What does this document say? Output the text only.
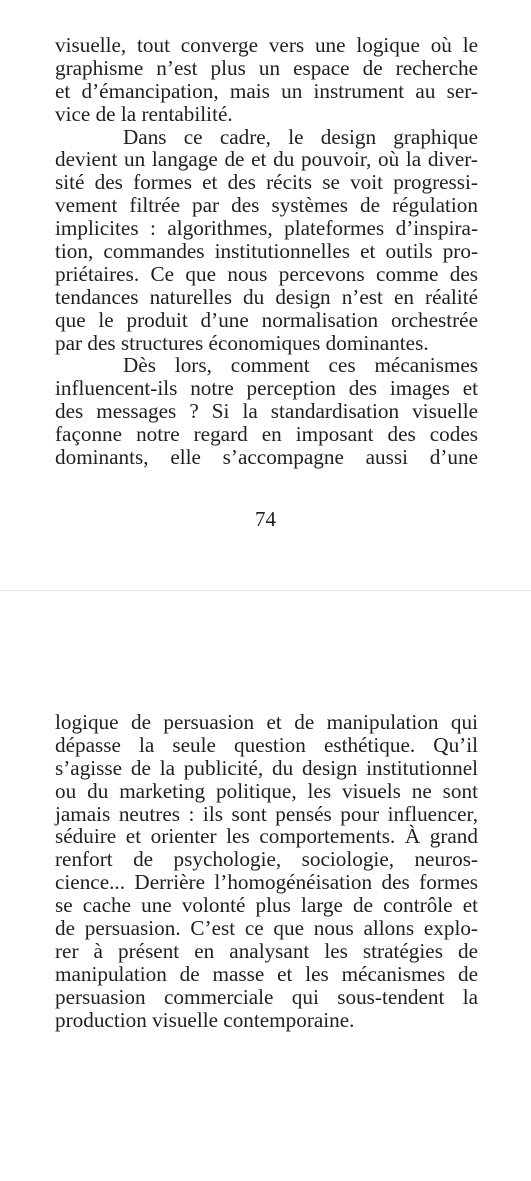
visuelle, tout converge vers une logique où le
graphisme n’est plus un espace de recherche
et d’émancipation, mais un instrument au ser-
vice de la rentabilité.
Dans ce cadre, le design graphique
devient un langage de et du pouvoir, où la diver-
sité des formes et des récits se voit progressi-
vement filtrée par des systèmes de régulation
implicites : algorithmes, plateformes d’inspira-
tion, commandes institutionnelles et outils pro-
priétaires. Ce que nous percevons comme des
tendances naturelles du design n’est en réalité
que le produit d’une normalisation orchestrée
par des structures économiques dominantes.
Dès lors, comment ces mécanismes
influencent-ils notre perception des images et
des messages ? Si la standardisation visuelle
façonne notre regard en imposant des codes
dominants, elle s’accompagne aussi d’une
74
logique de persuasion et de manipulation qui
dépasse la seule question esthétique. Qu’il
s’agisse de la publicité, du design institutionnel
ou du marketing politique, les visuels ne sont
jamais neutres : ils sont pensés pour influencer,
séduire et orienter les comportements. À grand
renfort de psychologie, sociologie, neuros-
cience... Derrière l’homogénéisation des formes
se cache une volonté plus large de contrôle et
de persuasion. C’est ce que nous allons explo-
rer à présent en analysant les stratégies de
manipulation de masse et les mécanismes de
persuasion commerciale qui sous-tendent la
production visuelle contemporaine.
